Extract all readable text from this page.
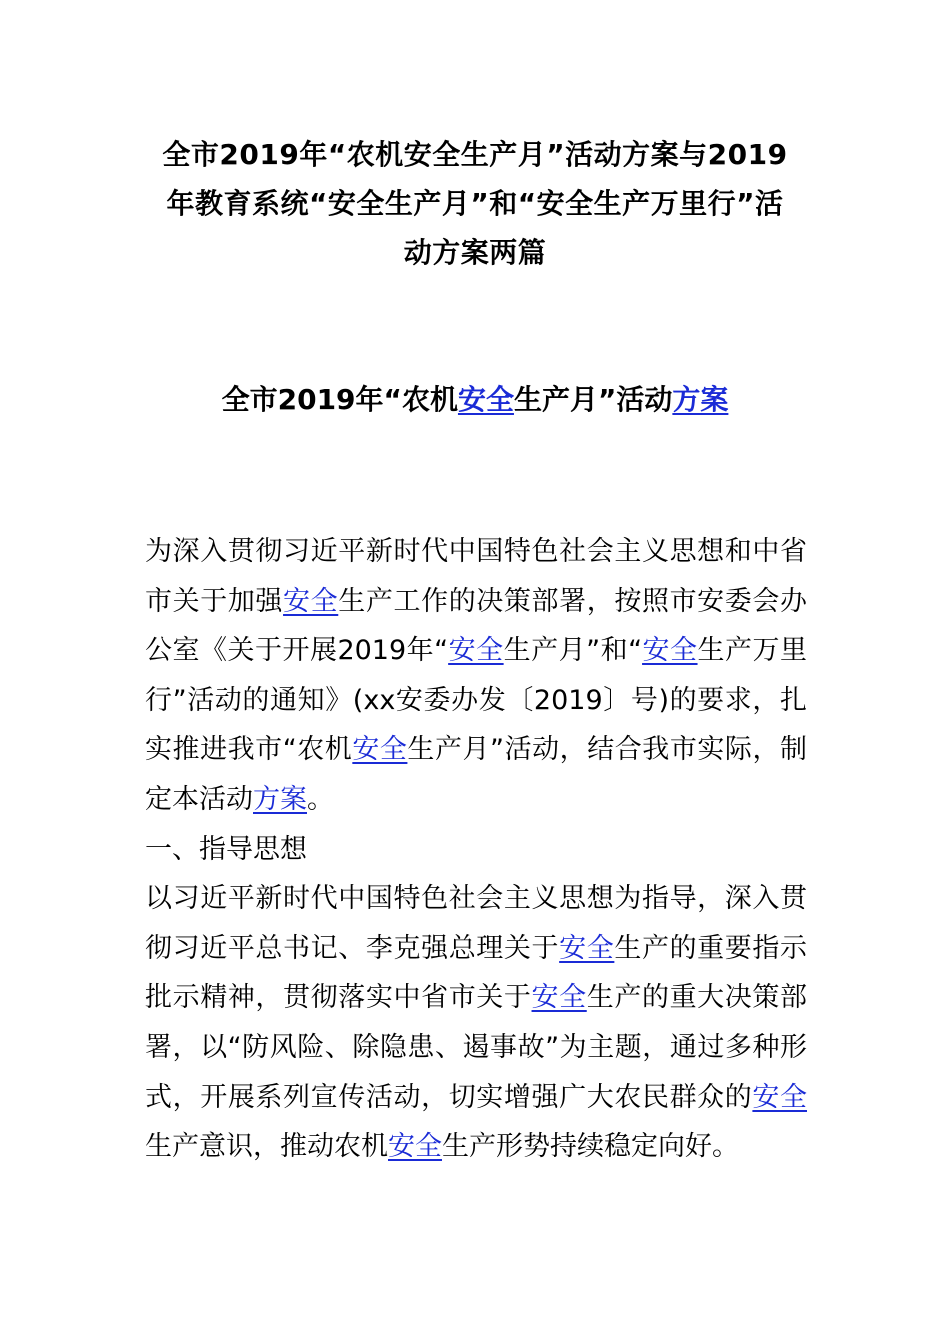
全市2019年“农机安全生产月”活动方案与2019
年教育系统“安全生产月”和“安全生产万里行”活
动方案两篇
全市2019年“农机安全生产月”活动方案

为深入贯彻习近平新时代中国特色社会主义思想和中省市关于加强安全生产工作的决策部署，按照市安委会办公室《关于开展2019年“安全生产月”和“安全生产万里行”活动的通知》(xx安委办发〔2019〕号)的要求，扎实推进我市“农机安全生产月”活动，结合我市实际，制定本活动方案。

一、指导思想

以习近平新时代中国特色社会主义思想为指导，深入贯彻习近平总书记、李克强总理关于安全生产的重要指示批示精神，贯彻落实中省市关于安全生产的重大决策部署，以“防风险、除隐患、遏事故”为主题，通过多种形式，开展系列宣传活动，切实增强广大农民群众的安全生产意识，推动农机安全生产形势持续稳定向好。
